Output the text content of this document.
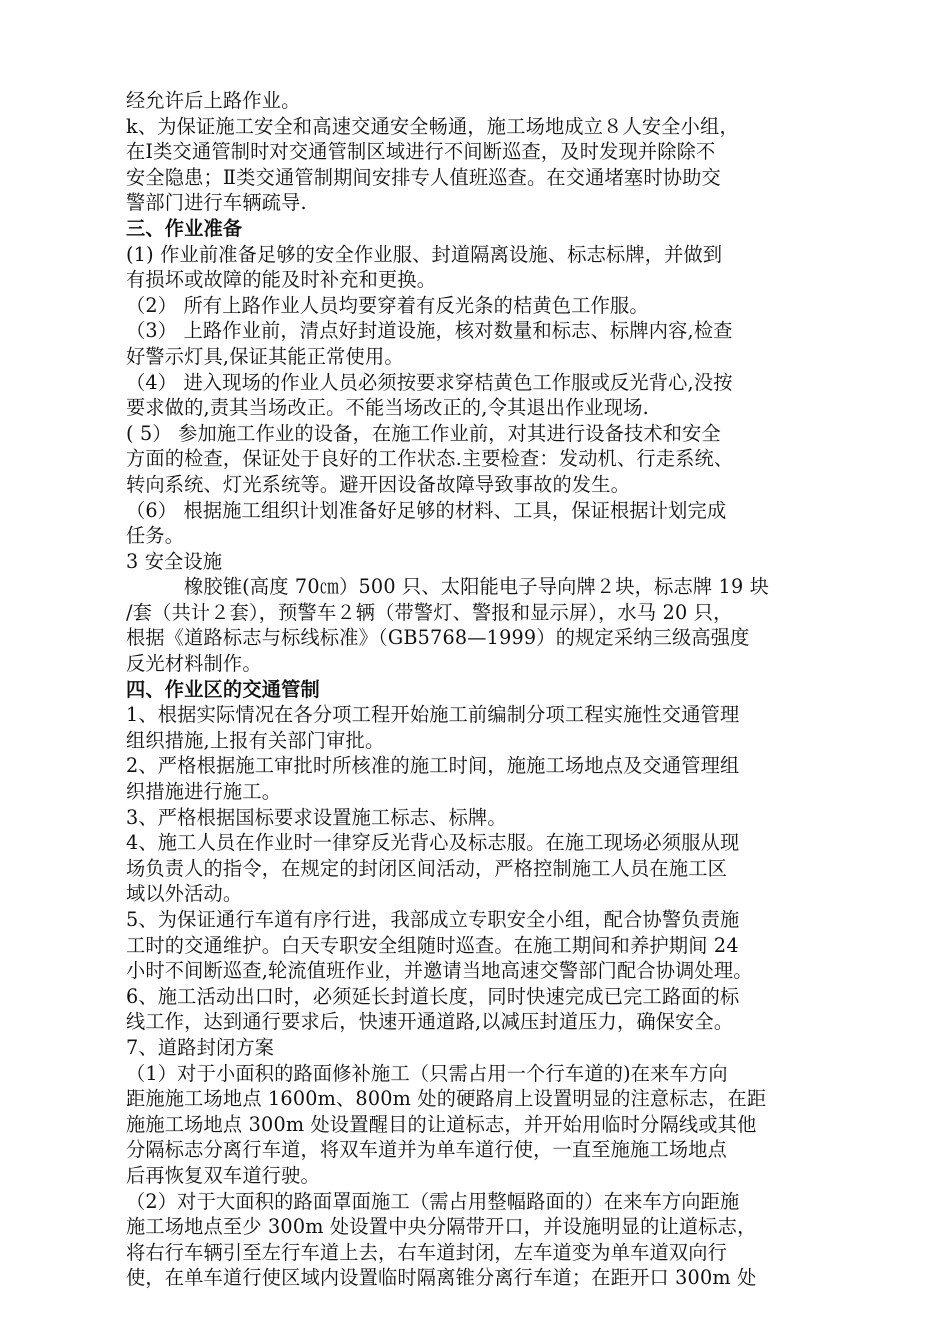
经允许后上路作业。
k、为保证施工安全和高速交通安全畅通，施工场地成立８人安全小组，
在Ⅰ类交通管制时对交通管制区域进行不间断巡查，及时发现并除除不
安全隐患；Ⅱ类交通管制期间安排专人值班巡查。在交通堵塞时协助交
警部门进行车辆疏导.
三、作业准备
(1) 作业前准备足够的安全作业服、封道隔离设施、标志标牌，并做到
有损坏或故障的能及时补充和更换。
（2） 所有上路作业人员均要穿着有反光条的桔黄色工作服。
（3） 上路作业前，清点好封道设施，核对数量和标志、标牌内容,检查
好警示灯具,保证其能正常使用。
（4） 进入现场的作业人员必须按要求穿桔黄色工作服或反光背心,没按
要求做的,责其当场改正。不能当场改正的,令其退出作业现场.
( 5） 参加施工作业的设备，在施工作业前，对其进行设备技术和安全
方面的检查，保证处于良好的工作状态.主要检查：发动机、行走系统、
转向系统、灯光系统等。避开因设备故障导致事故的发生。
（6） 根据施工组织计划准备好足够的材料、工具，保证根据计划完成
任务。
3 安全设施
橡胶锥(高度 70㎝）500 只、太阳能电子导向牌２块，标志牌 19 块
/套（共计２套），预警车２辆（带警灯、警报和显示屏），水马 20 只，
根据《道路标志与标线标准》（GB5768—1999）的规定采纳三级高强度
反光材料制作。
四、作业区的交通管制
1、根据实际情况在各分项工程开始施工前编制分项工程实施性交通管理
组织措施,上报有关部门审批。
2、严格根据施工审批时所核准的施工时间，施施工场地点及交通管理组
织措施进行施工。
3、严格根据国标要求设置施工标志、标牌。
4、施工人员在作业时一律穿反光背心及标志服。在施工现场必须服从现
场负责人的指令，在规定的封闭区间活动，严格控制施工人员在施工区
域以外活动。
5、为保证通行车道有序行进，我部成立专职安全小组，配合协警负责施
工时的交通维护。白天专职安全组随时巡查。在施工期间和养护期间 24
小时不间断巡查,轮流值班作业，并邀请当地高速交警部门配合协调处理。
6、施工活动出口时，必须延长封道长度，同时快速完成已完工路面的标
线工作，达到通行要求后，快速开通道路,以减压封道压力，确保安全。
7、道路封闭方案
（1）对于小面积的路面修补施工（只需占用一个行车道的)在来车方向
距施施工场地点 1600m、800m 处的硬路肩上设置明显的注意标志，在距
施施工场地点 300m 处设置醒目的让道标志，并开始用临时分隔线或其他
分隔标志分离行车道，将双车道并为单车道行使，一直至施施工场地点
后再恢复双车道行驶。
（2）对于大面积的路面罩面施工（需占用整幅路面的）在来车方向距施
施工场地点至少 300m 处设置中央分隔带开口，并设施明显的让道标志，
将右行车辆引至左行车道上去，右车道封闭，左车道变为单车道双向行
使，在单车道行使区域内设置临时隔离锥分离行车道；在距开口 300m 处
